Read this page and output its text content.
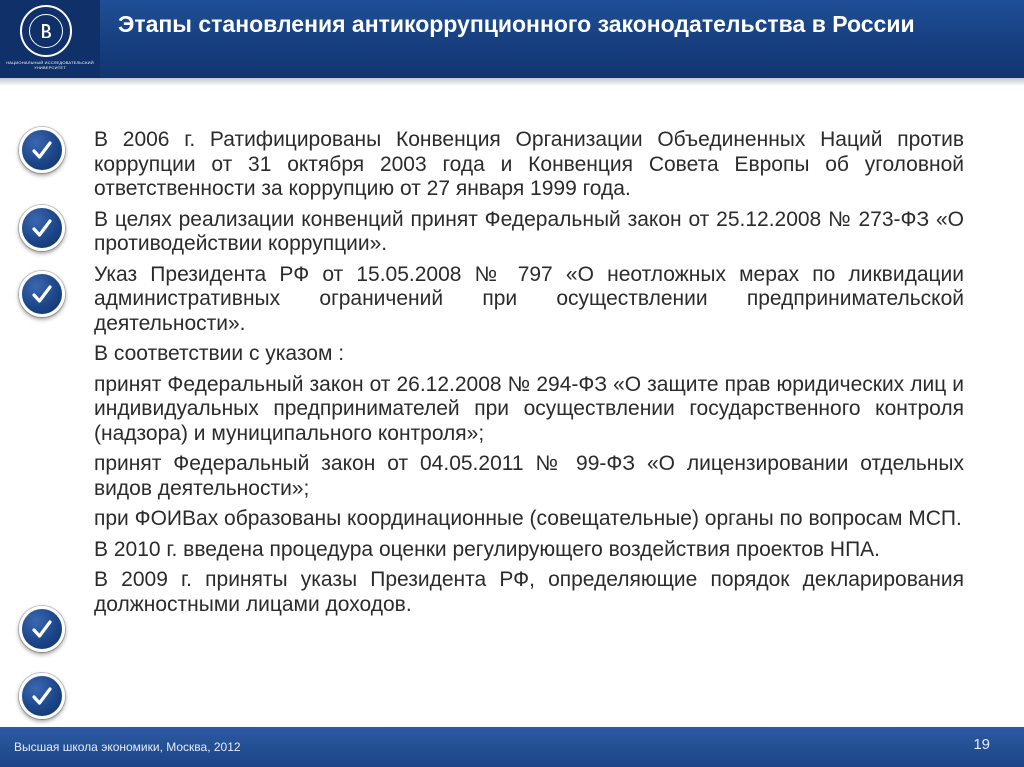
НАЦИОНАЛЬНЫЙ ИССЛЕДОВАТЕЛЬСКИЙ УНИВЕРСИТЕТ
Этапы становления антикоррупционного законодательства в России
В 2006 г. Ратифицированы Конвенция Организации Объединенных Наций против коррупции от 31 октября 2003 года и Конвенция Совета Европы об уголовной ответственности за коррупцию от 27 января 1999 года.
В целях реализации конвенций принят Федеральный закон от 25.12.2008 № 273-ФЗ «О противодействии коррупции».
Указ Президента РФ от 15.05.2008 № 797 «О неотложных мерах по ликвидации административных ограничений при осуществлении предпринимательской деятельности».
В соответствии с указом :
принят Федеральный закон от 26.12.2008 № 294-ФЗ «О защите прав юридических лиц и индивидуальных предпринимателей при осуществлении государственного контроля (надзора) и муниципального контроля»;
принят Федеральный закон от 04.05.2011 № 99-ФЗ «О лицензировании отдельных видов деятельности»;
при ФОИВах образованы координационные (совещательные) органы по вопросам МСП.
В 2010 г. введена процедура оценки регулирующего воздействия проектов НПА.
В 2009 г. приняты указы Президента РФ, определяющие порядок декларирования должностными лицами доходов.
Высшая школа экономики, Москва, 2012	19
